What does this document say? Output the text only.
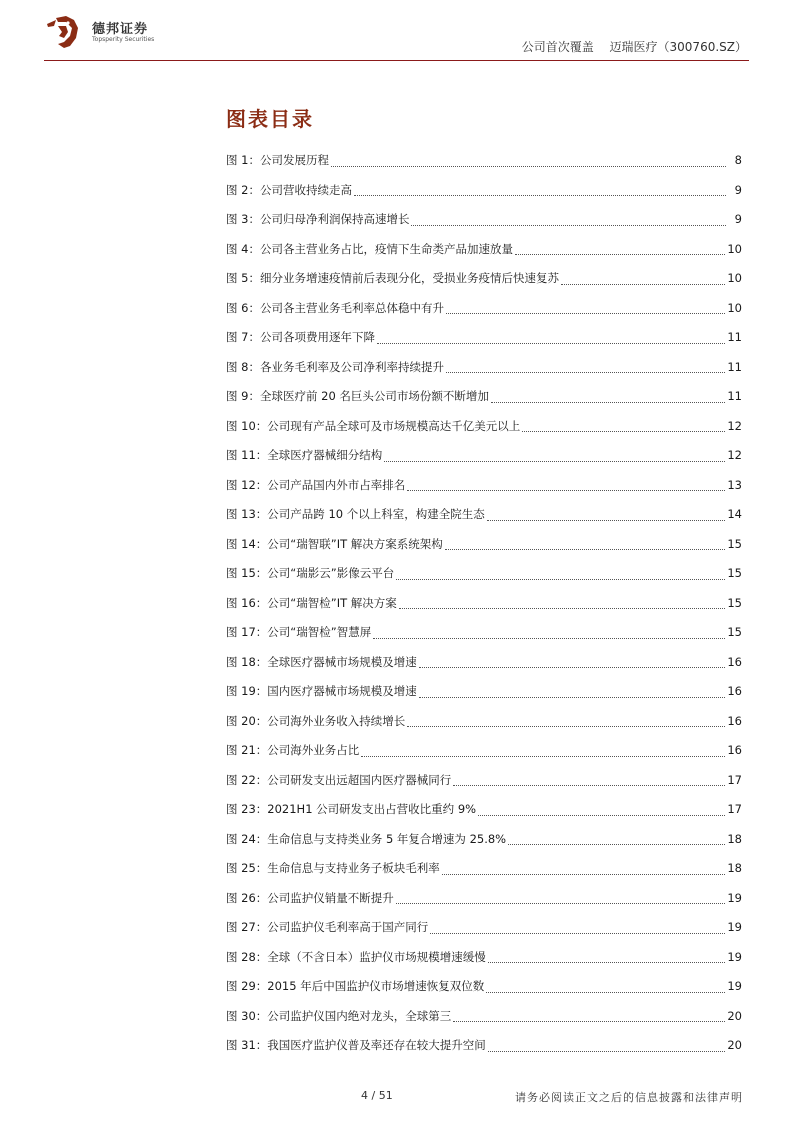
德邦证券
Topsperity Securities
公司首次覆盖 迈瑞医疗（300760.SZ）
图表目录
图 1：公司发展历程	8
图 2：公司营收持续走高	9
图 3：公司归母净利润保持高速增长	9
图 4：公司各主营业务占比，疫情下生命类产品加速放量	10
图 5：细分业务增速疫情前后表现分化，受损业务疫情后快速复苏	10
图 6：公司各主营业务毛利率总体稳中有升	10
图 7：公司各项费用逐年下降	11
图 8：各业务毛利率及公司净利率持续提升	11
图 9：全球医疗前 20 名巨头公司市场份额不断增加	11
图 10：公司现有产品全球可及市场规模高达千亿美元以上	12
图 11：全球医疗器械细分结构	12
图 12：公司产品国内外市占率排名	13
图 13：公司产品跨 10 个以上科室，构建全院生态	14
图 14：公司“瑞智联”IT 解决方案系统架构	15
图 15：公司“瑞影云”影像云平台	15
图 16：公司“瑞智检”IT 解决方案	15
图 17：公司“瑞智检”智慧屏	15
图 18：全球医疗器械市场规模及增速	16
图 19：国内医疗器械市场规模及增速	16
图 20：公司海外业务收入持续增长	16
图 21：公司海外业务占比	16
图 22：公司研发支出远超国内医疗器械同行	17
图 23：2021H1 公司研发支出占营收比重约 9%	17
图 24：生命信息与支持类业务 5 年复合增速为 25.8%	18
图 25：生命信息与支持业务子板块毛利率	18
图 26：公司监护仪销量不断提升	19
图 27：公司监护仪毛利率高于国产同行	19
图 28：全球（不含日本）监护仪市场规模增速缓慢	19
图 29：2015 年后中国监护仪市场增速恢复双位数	19
图 30：公司监护仪国内绝对龙头，全球第三	20
图 31：我国医疗监护仪普及率还存在较大提升空间	20
4 / 51	请务必阅读正文之后的信息披露和法律声明
